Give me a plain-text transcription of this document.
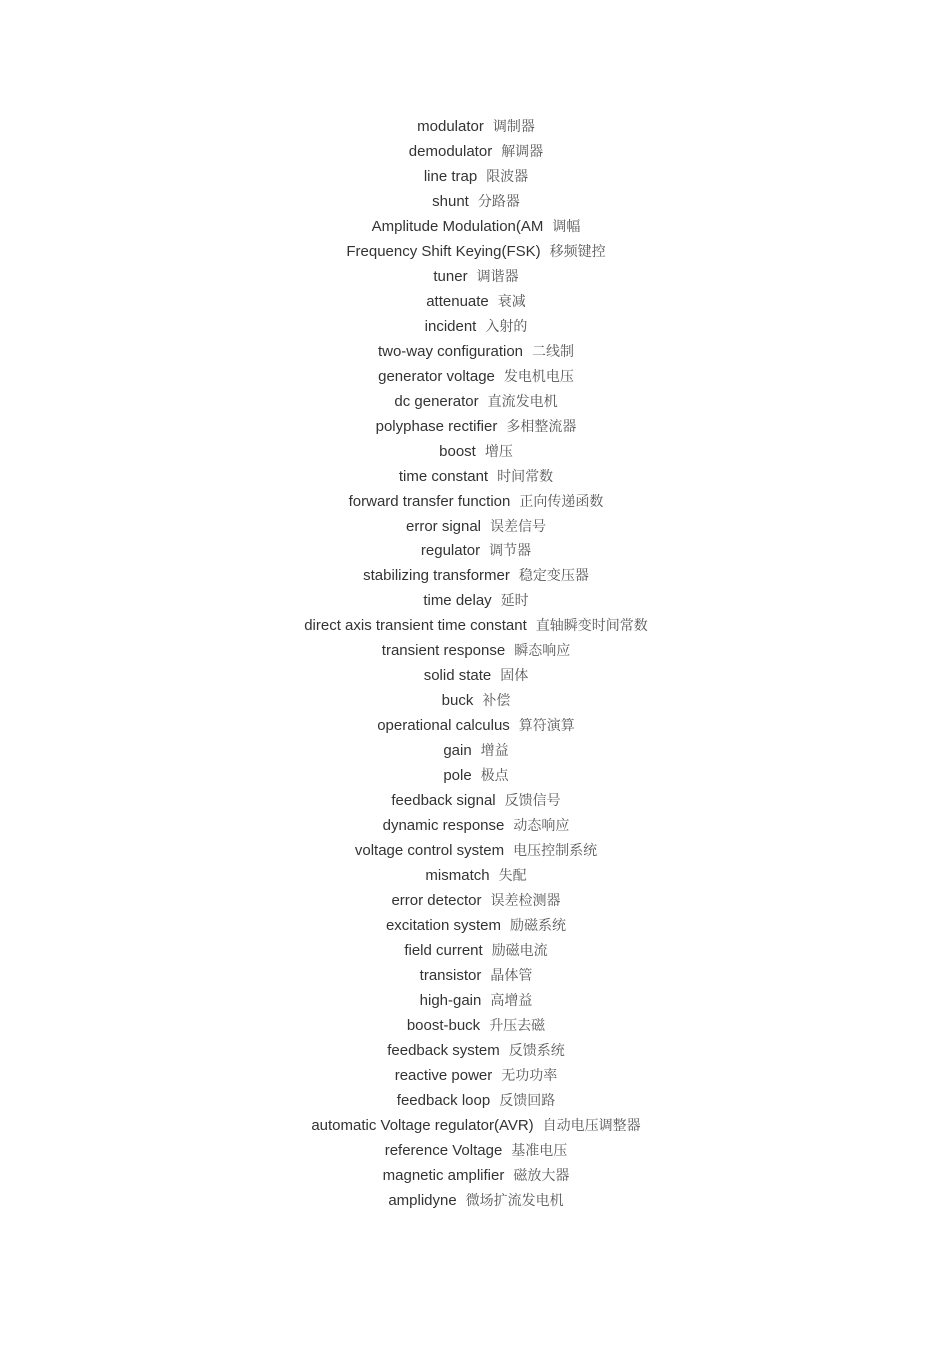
modulator 调制器
demodulator 解调器
line trap 限波器
shunt 分路器
Amplitude Modulation(AM 调幅
Frequency Shift Keying(FSK) 移频键控
tuner 调谐器
attenuate 衰减
incident 入射的
two-way configuration 二线制
generator voltage 发电机电压
dc generator 直流发电机
polyphase rectifier 多相整流器
boost 增压
time constant 时间常数
forward transfer function 正向传递函数
error signal 误差信号
regulator 调节器
stabilizing transformer 稳定变压器
time delay 延时
direct axis transient time constant 直轴瞬变时间常数
transient response 瞬态响应
solid state 固体
buck 补偿
operational calculus 算符演算
gain 增益
pole 极点
feedback signal 反馈信号
dynamic response 动态响应
voltage control system 电压控制系统
mismatch 失配
error detector 误差检测器
excitation system 励磁系统
field current 励磁电流
transistor 晶体管
high-gain 高增益
boost-buck 升压去磁
feedback system 反馈系统
reactive power 无功功率
feedback loop 反馈回路
automatic Voltage regulator(AVR) 自动电压调整器
reference Voltage 基准电压
magnetic amplifier 磁放大器
amplidyne 微场扩流发电机
